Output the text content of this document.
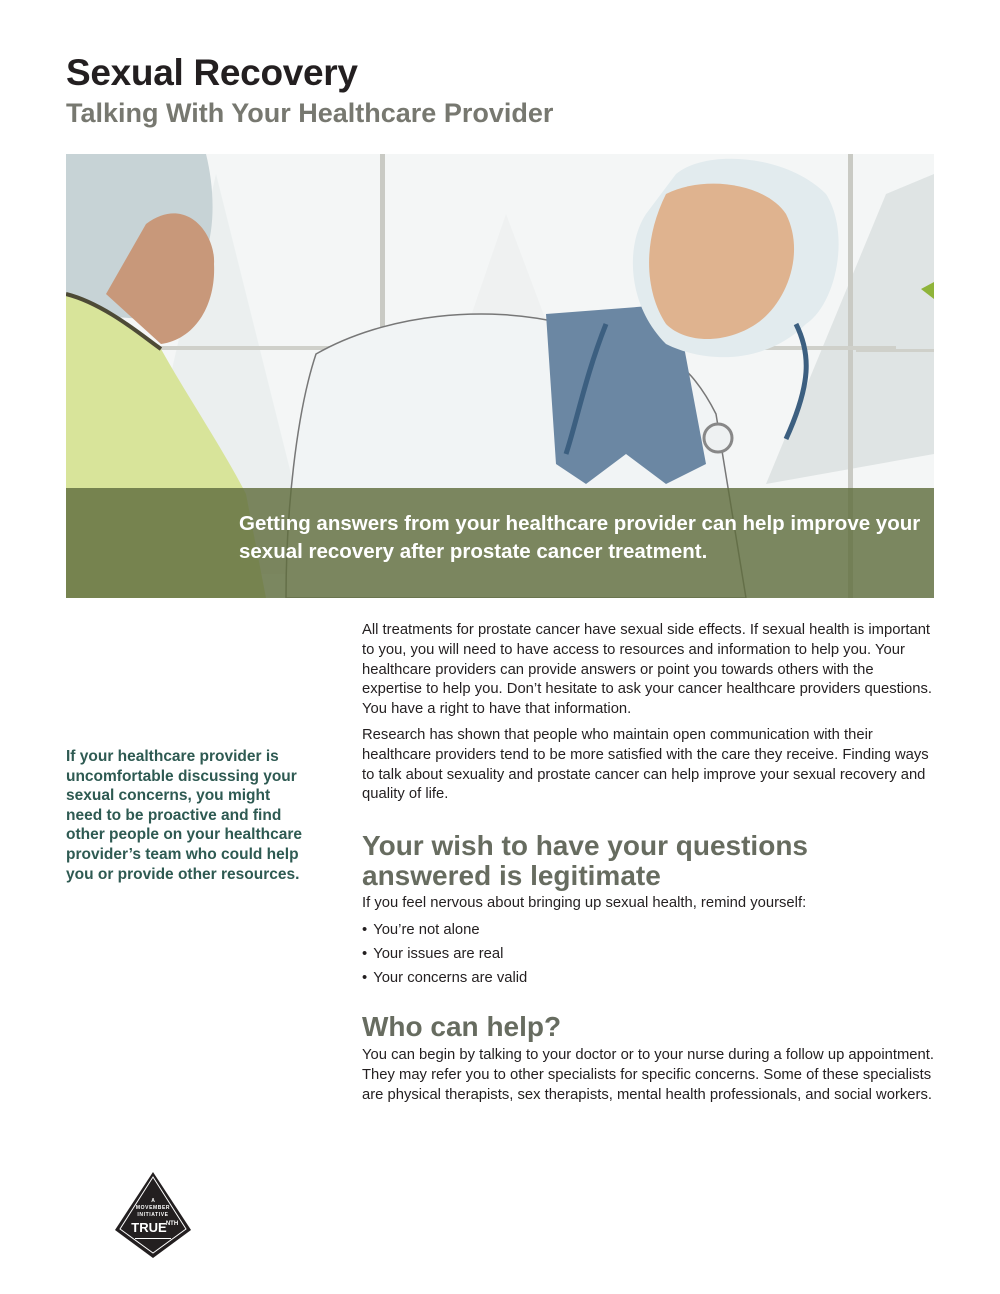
Sexual Recovery
Talking With Your Healthcare Provider

Getting answers from your healthcare provider can help improve your sexual recovery after prostate cancer treatment.

If your healthcare provider is uncomfortable discussing your sexual concerns, you might need to be proactive and find other people on your healthcare provider’s team who could help you or provide other resources.

All treatments for prostate cancer have sexual side effects. If sexual health is important to you, you will need to have access to resources and information to help you. Your healthcare providers can provide answers or point you towards others with the expertise to help you. Don’t hesitate to ask your cancer healthcare providers questions. You have a right to have that information.

Research has shown that people who maintain open communication with their healthcare providers tend to be more satisfied with the care they receive. Finding ways to talk about sexuality and prostate cancer can help improve your sexual recovery and quality of life.

Your wish to have your questions answered is legitimate

If you feel nervous about bringing up sexual health, remind yourself:

• You’re not alone
• Your issues are real
• Your concerns are valid
Who can help?

You can begin by talking to your doctor or to your nurse during a follow up appointment. They may refer you to other specialists for specific concerns. Some of these specialists are physical therapists, sex therapists, mental health professionals, and social workers.

A
MOVEMBER
INITIATIVE
TRUE NTH
